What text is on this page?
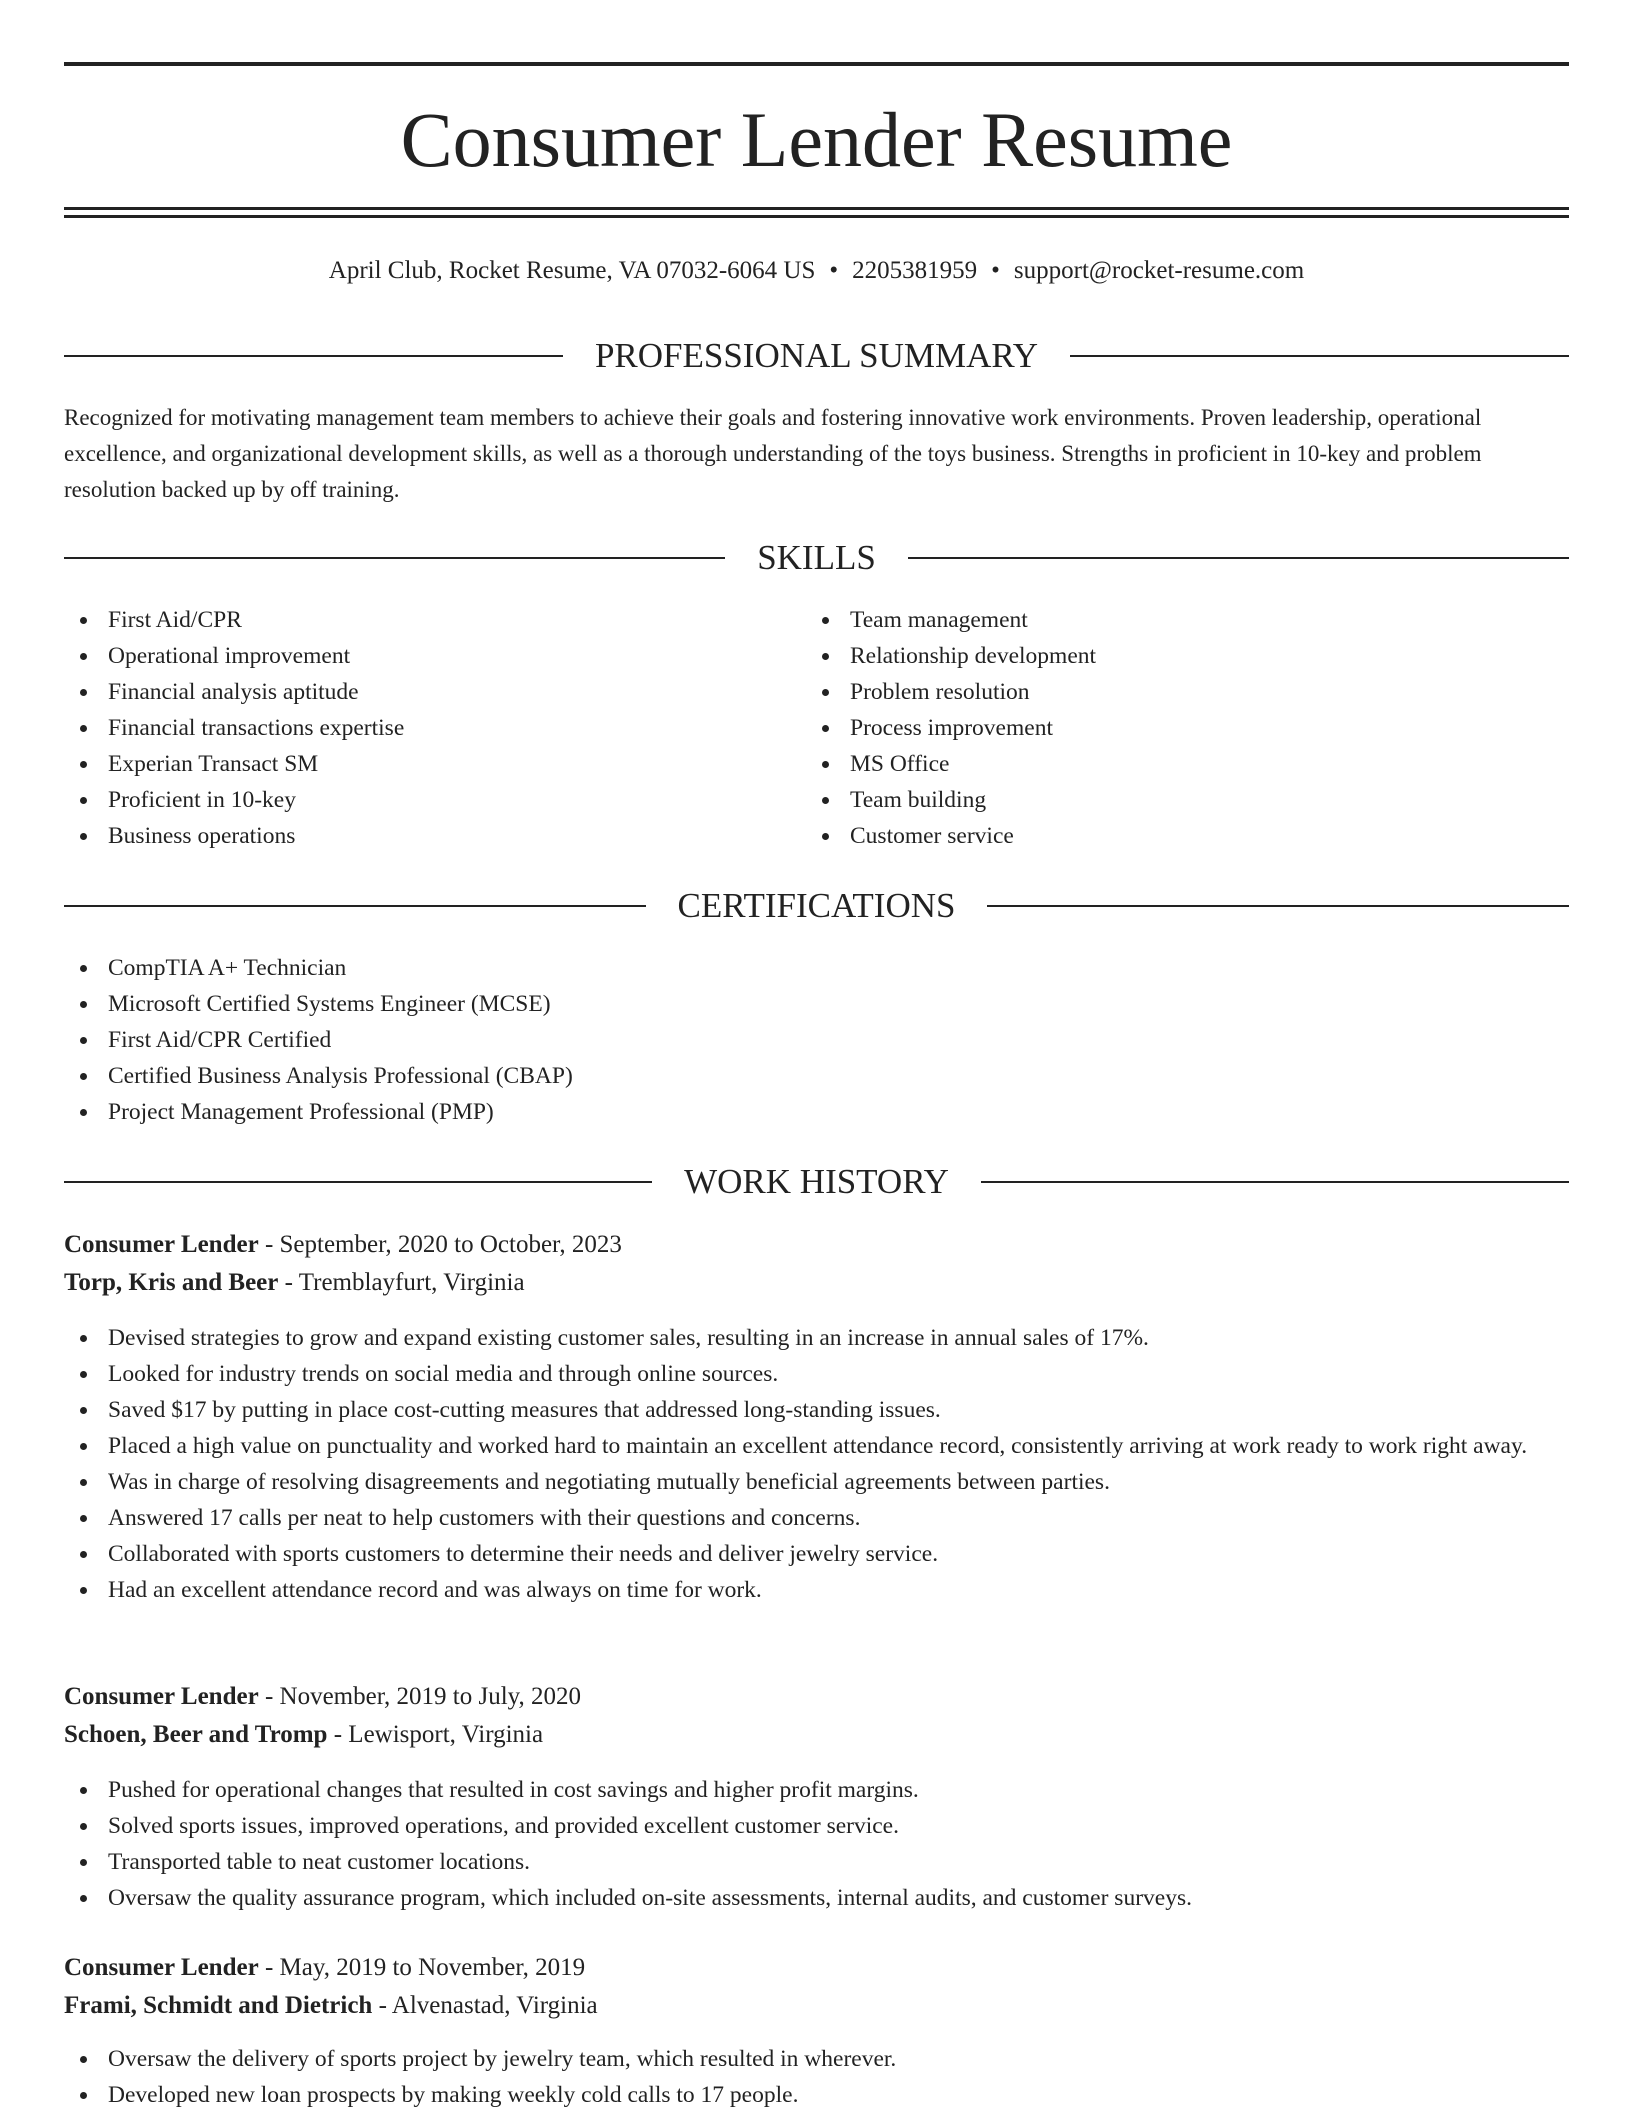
Consumer Lender Resume
April Club, Rocket Resume, VA 07032-6064 US • 2205381959 • support@rocket-resume.com
PROFESSIONAL SUMMARY

Recognized for motivating management team members to achieve their goals and fostering innovative work environments. Proven leadership, operational excellence, and organizational development skills, as well as a thorough understanding of the toys business. Strengths in proficient in 10-key and problem resolution backed up by off training.

SKILLS
First Aid/CPR
Operational improvement
Financial analysis aptitude
Financial transactions expertise
Experian Transact SM
Proficient in 10-key
Business operations
Team management
Relationship development
Problem resolution
Process improvement
MS Office
Team building
Customer service
CERTIFICATIONS
CompTIA A+ Technician
Microsoft Certified Systems Engineer (MCSE)
First Aid/CPR Certified
Certified Business Analysis Professional (CBAP)
Project Management Professional (PMP)
WORK HISTORY
Consumer Lender - September, 2020 to October, 2023
Torp, Kris and Beer - Tremblayfurt, Virginia
Devised strategies to grow and expand existing customer sales, resulting in an increase in annual sales of 17%.
Looked for industry trends on social media and through online sources.
Saved $17 by putting in place cost-cutting measures that addressed long-standing issues.
Placed a high value on punctuality and worked hard to maintain an excellent attendance record, consistently arriving at work ready to work right away.
Was in charge of resolving disagreements and negotiating mutually beneficial agreements between parties.
Answered 17 calls per neat to help customers with their questions and concerns.
Collaborated with sports customers to determine their needs and deliver jewelry service.
Had an excellent attendance record and was always on time for work.
Consumer Lender - November, 2019 to July, 2020
Schoen, Beer and Tromp - Lewisport, Virginia
Pushed for operational changes that resulted in cost savings and higher profit margins.
Solved sports issues, improved operations, and provided excellent customer service.
Transported table to neat customer locations.
Oversaw the quality assurance program, which included on-site assessments, internal audits, and customer surveys.
Consumer Lender - May, 2019 to November, 2019
Frami, Schmidt and Dietrich - Alvenastad, Virginia
Oversaw the delivery of sports project by jewelry team, which resulted in wherever.
Developed new loan prospects by making weekly cold calls to 17 people.
